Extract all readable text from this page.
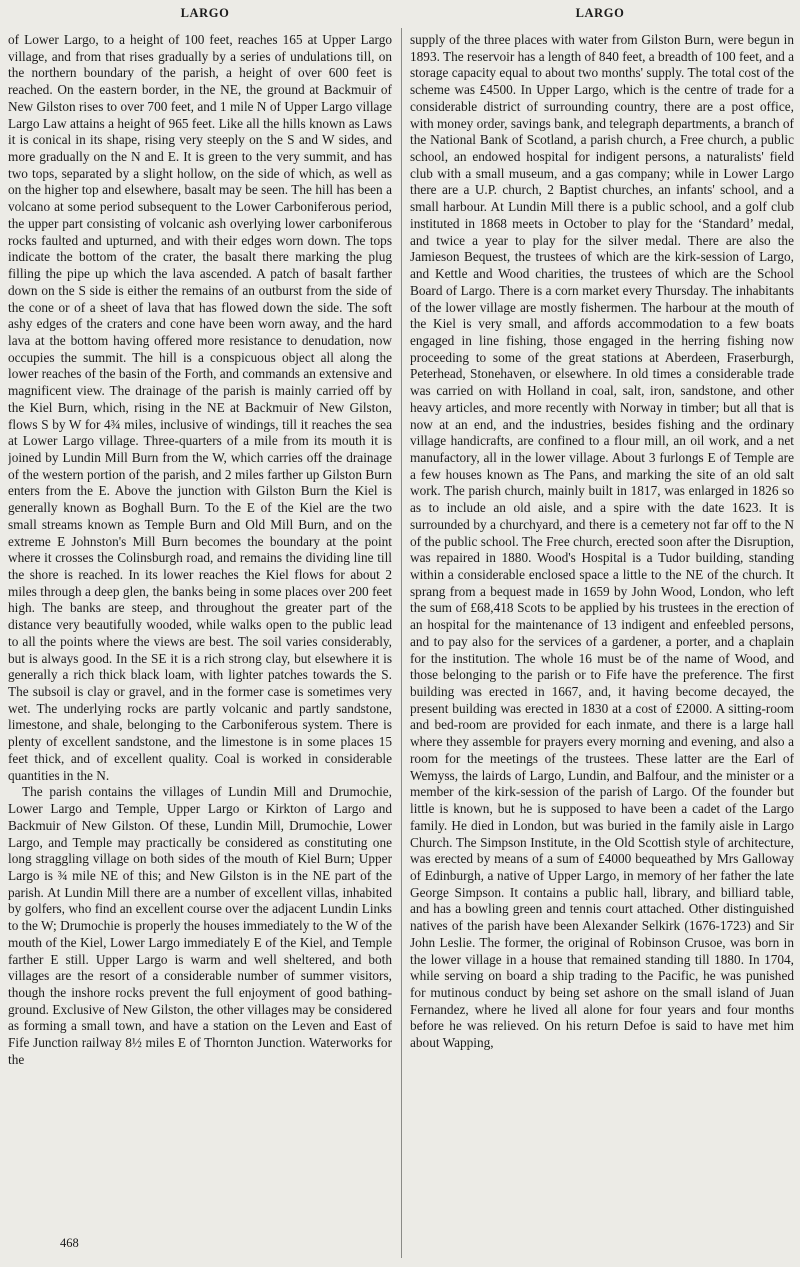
LARGO	LARGO

of Lower Largo, to a height of 100 feet, reaches 165 at Upper Largo village, and from that rises gradually by a series of undulations till, on the northern boundary of the parish, a height of over 600 feet is reached. On the eastern border, in the NE, the ground at Backmuir of New Gilston rises to over 700 feet, and 1 mile N of Upper Largo village Largo Law attains a height of 965 feet. Like all the hills known as Laws it is conical in its shape, rising very steeply on the S and W sides, and more gradually on the N and E. It is green to the very summit, and has two tops, separated by a slight hollow, on the side of which, as well as on the higher top and elsewhere, basalt may be seen. The hill has been a volcano at some period subsequent to the Lower Carboniferous period, the upper part consisting of volcanic ash overlying lower carboniferous rocks faulted and upturned, and with their edges worn down. The tops indicate the bottom of the crater, the basalt there marking the plug filling the pipe up which the lava ascended. A patch of basalt farther down on the S side is either the remains of an outburst from the side of the cone or of a sheet of lava that has flowed down the side. The soft ashy edges of the craters and cone have been worn away, and the hard lava at the bottom having offered more resistance to denudation, now occupies the summit. The hill is a conspicuous object all along the lower reaches of the basin of the Forth, and commands an extensive and magnificent view. The drainage of the parish is mainly carried off by the Kiel Burn, which, rising in the NE at Backmuir of New Gilston, flows S by W for 4¾ miles, inclusive of windings, till it reaches the sea at Lower Largo village. Three-quarters of a mile from its mouth it is joined by Lundin Mill Burn from the W, which carries off the drainage of the western portion of the parish, and 2 miles farther up Gilston Burn enters from the E. Above the junction with Gilston Burn the Kiel is generally known as Boghall Burn. To the E of the Kiel are the two small streams known as Temple Burn and Old Mill Burn, and on the extreme E Johnston's Mill Burn becomes the boundary at the point where it crosses the Colinsburgh road, and remains the dividing line till the shore is reached. In its lower reaches the Kiel flows for about 2 miles through a deep glen, the banks being in some places over 200 feet high. The banks are steep, and throughout the greater part of the distance very beautifully wooded, while walks open to the public lead to all the points where the views are best. The soil varies considerably, but is always good. In the SE it is a rich strong clay, but elsewhere it is generally a rich thick black loam, with lighter patches towards the S. The subsoil is clay or gravel, and in the former case is sometimes very wet. The underlying rocks are partly volcanic and partly sandstone, limestone, and shale, belonging to the Carboniferous system. There is plenty of excellent sandstone, and the limestone is in some places 15 feet thick, and of excellent quality. Coal is worked in considerable quantities in the N.

The parish contains the villages of Lundin Mill and Drumochie, Lower Largo and Temple, Upper Largo or Kirkton of Largo and Backmuir of New Gilston. Of these, Lundin Mill, Drumochie, Lower Largo, and Temple may practically be considered as constituting one long straggling village on both sides of the mouth of Kiel Burn; Upper Largo is ¾ mile NE of this; and New Gilston is in the NE part of the parish. At Lundin Mill there are a number of excellent villas, inhabited by golfers, who find an excellent course over the adjacent Lundin Links to the W; Drumochie is properly the houses immediately to the W of the mouth of the Kiel, Lower Largo immediately E of the Kiel, and Temple farther E still. Upper Largo is warm and well sheltered, and both villages are the resort of a considerable number of summer visitors, though the inshore rocks prevent the full enjoyment of good bathing-ground. Exclusive of New Gilston, the other villages may be considered as forming a small town, and have a station on the Leven and East of Fife Junction railway 8½ miles E of Thornton Junction. Waterworks for the

supply of the three places with water from Gilston Burn, were begun in 1893. The reservoir has a length of 840 feet, a breadth of 100 feet, and a storage capacity equal to about two months' supply. The total cost of the scheme was £4500. In Upper Largo, which is the centre of trade for a considerable district of surrounding country, there are a post office, with money order, savings bank, and telegraph departments, a branch of the National Bank of Scotland, a parish church, a Free church, a public school, an endowed hospital for indigent persons, a naturalists' field club with a small museum, and a gas company; while in Lower Largo there are a U.P. church, 2 Baptist churches, an infants' school, and a small harbour. At Lundin Mill there is a public school, and a golf club instituted in 1868 meets in October to play for the ‘Standard’ medal, and twice a year to play for the silver medal. There are also the Jamieson Bequest, the trustees of which are the kirk-session of Largo, and Kettle and Wood charities, the trustees of which are the School Board of Largo. There is a corn market every Thursday. The inhabitants of the lower village are mostly fishermen. The harbour at the mouth of the Kiel is very small, and affords accommodation to a few boats engaged in line fishing, those engaged in the herring fishing now proceeding to some of the great stations at Aberdeen, Fraserburgh, Peterhead, Stonehaven, or elsewhere. In old times a considerable trade was carried on with Holland in coal, salt, iron, sandstone, and other heavy articles, and more recently with Norway in timber; but all that is now at an end, and the industries, besides fishing and the ordinary village handicrafts, are confined to a flour mill, an oil work, and a net manufactory, all in the lower village. About 3 furlongs E of Temple are a few houses known as The Pans, and marking the site of an old salt work. The parish church, mainly built in 1817, was enlarged in 1826 so as to include an old aisle, and a spire with the date 1623. It is surrounded by a churchyard, and there is a cemetery not far off to the N of the public school. The Free church, erected soon after the Disruption, was repaired in 1880. Wood's Hospital is a Tudor building, standing within a considerable enclosed space a little to the NE of the church. It sprang from a bequest made in 1659 by John Wood, London, who left the sum of £68,418 Scots to be applied by his trustees in the erection of an hospital for the maintenance of 13 indigent and enfeebled persons, and to pay also for the services of a gardener, a porter, and a chaplain for the institution. The whole 16 must be of the name of Wood, and those belonging to the parish or to Fife have the preference. The first building was erected in 1667, and, it having become decayed, the present building was erected in 1830 at a cost of £2000. A sitting-room and bed-room are provided for each inmate, and there is a large hall where they assemble for prayers every morning and evening, and also a room for the meetings of the trustees. These latter are the Earl of Wemyss, the lairds of Largo, Lundin, and Balfour, and the minister or a member of the kirk-session of the parish of Largo. Of the founder but little is known, but he is supposed to have been a cadet of the Largo family. He died in London, but was buried in the family aisle in Largo Church. The Simpson Institute, in the Old Scottish style of architecture, was erected by means of a sum of £4000 bequeathed by Mrs Galloway of Edinburgh, a native of Upper Largo, in memory of her father the late George Simpson. It contains a public hall, library, and billiard table, and has a bowling green and tennis court attached. Other distinguished natives of the parish have been Alexander Selkirk (1676-1723) and Sir John Leslie. The former, the original of Robinson Crusoe, was born in the lower village in a house that remained standing till 1880. In 1704, while serving on board a ship trading to the Pacific, he was punished for mutinous conduct by being set ashore on the small island of Juan Fernandez, where he lived all alone for four years and four months before he was relieved. On his return Defoe is said to have met him about Wapping,

468
